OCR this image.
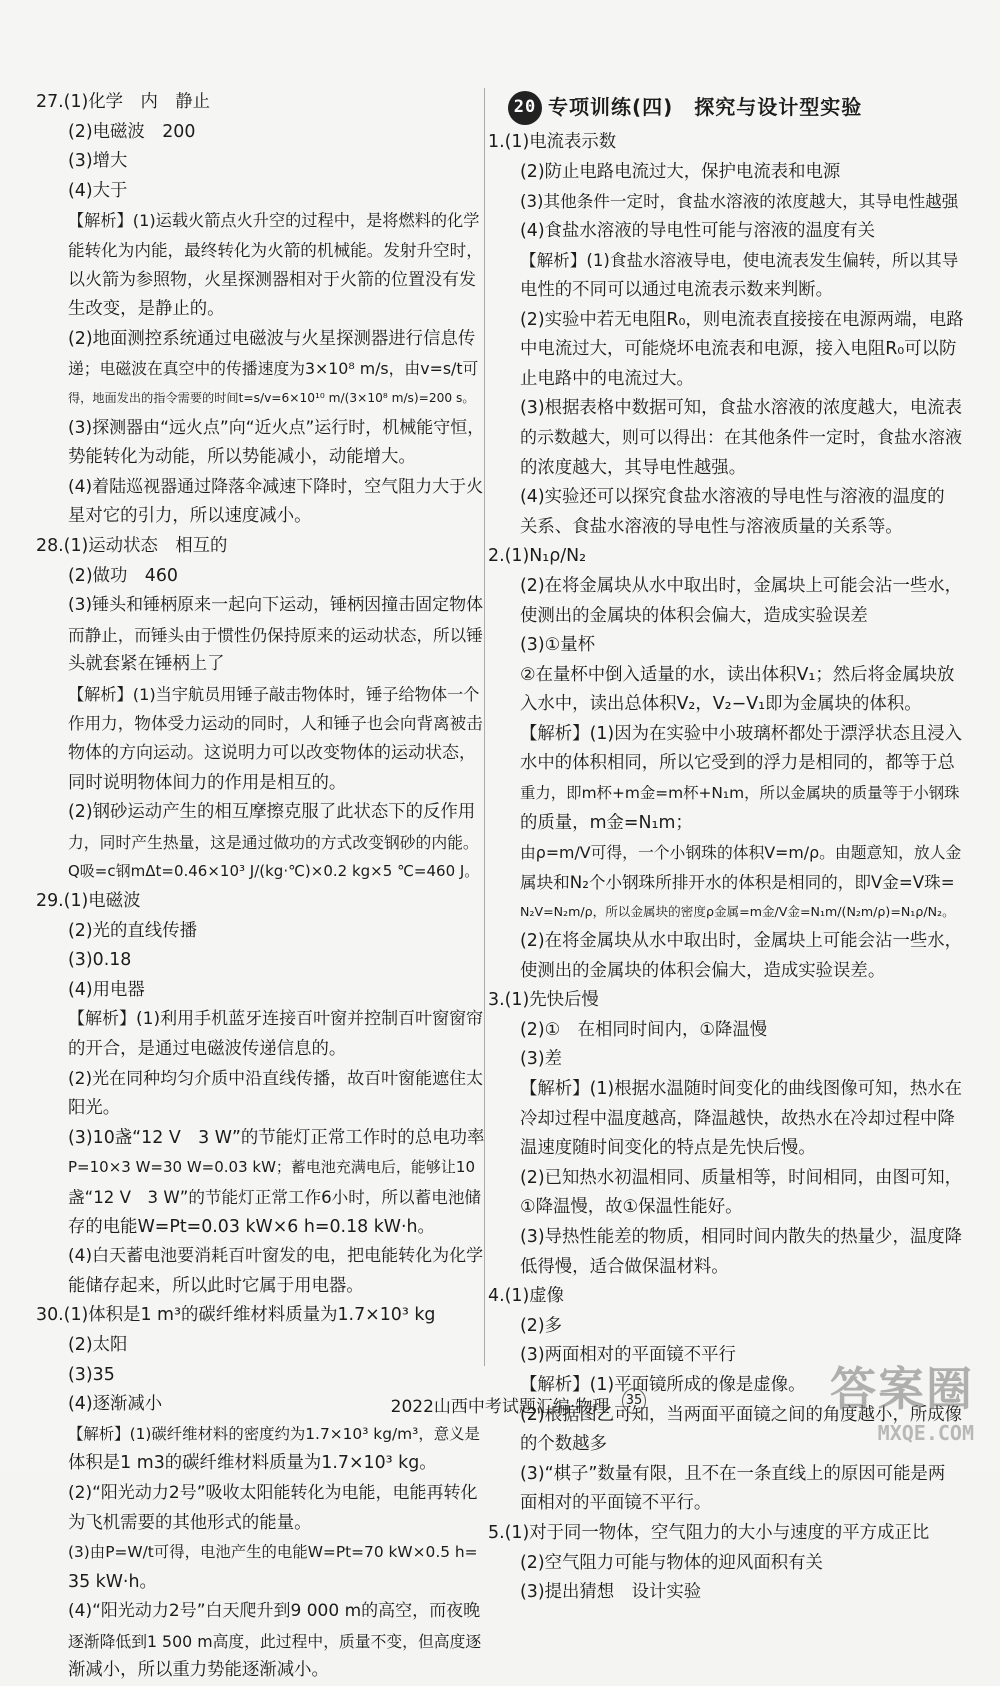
27.(1)化学　内　静止
(2)电磁波　200
(3)增大
(4)大于
【解析】(1)运载火箭点火升空的过程中，是将燃料的化学
能转化为内能，最终转化为火箭的机械能。发射升空时，
以火箭为参照物，火星探测器相对于火箭的位置没有发
生改变，是静止的。
(2)地面测控系统通过电磁波与火星探测器进行信息传
递；电磁波在真空中的传播速度为3×10⁸ m/s，由v=s/t可
得，地面发出的指令需要的时间t=s/v=6×10¹⁰ m/(3×10⁸ m/s)=200 s。
(3)探测器由“远火点”向“近火点”运行时，机械能守恒，
势能转化为动能，所以势能减小，动能增大。
(4)着陆巡视器通过降落伞减速下降时，空气阻力大于火
星对它的引力，所以速度减小。
28.(1)运动状态　相互的
(2)做功　460
(3)锤头和锤柄原来一起向下运动，锤柄因撞击固定物体
而静止，而锤头由于惯性仍保持原来的运动状态，所以锤
头就套紧在锤柄上了
【解析】(1)当宇航员用锤子敲击物体时，锤子给物体一个
作用力，物体受力运动的同时，人和锤子也会向背离被击
物体的方向运动。这说明力可以改变物体的运动状态，
同时说明物体间力的作用是相互的。
(2)钢砂运动产生的相互摩擦克服了此状态下的反作用
力，同时产生热量，这是通过做功的方式改变钢砂的内能。
Q吸=c钢mΔt=0.46×10³ J/(kg·℃)×0.2 kg×5 ℃=460 J。
29.(1)电磁波
(2)光的直线传播
(3)0.18
(4)用电器
【解析】(1)利用手机蓝牙连接百叶窗并控制百叶窗窗帘
的开合，是通过电磁波传递信息的。
(2)光在同种均匀介质中沿直线传播，故百叶窗能遮住太
阳光。
(3)10盏“12 V　3 W”的节能灯正常工作时的总电功率
P=10×3 W=30 W=0.03 kW；蓄电池充满电后，能够让10
盏“12 V　3 W”的节能灯正常工作6小时，所以蓄电池储
存的电能W=Pt=0.03 kW×6 h=0.18 kW·h。
(4)白天蓄电池要消耗百叶窗发的电，把电能转化为化学
能储存起来，所以此时它属于用电器。
30.(1)体积是1 m³的碳纤维材料质量为1.7×10³ kg
(2)太阳
(3)35
(4)逐渐减小
【解析】(1)碳纤维材料的密度约为1.7×10³ kg/m³，意义是
体积是1 m3的碳纤维材料质量为1.7×10³ kg。
(2)“阳光动力2号”吸收太阳能转化为电能，电能再转化
为飞机需要的其他形式的能量。
(3)由P=W/t可得，电池产生的电能W=Pt=70 kW×0.5 h=
35 kW·h。
(4)“阳光动力2号”白天爬升到9 000 m的高空，而夜晚
逐渐降低到1 500 m高度，此过程中，质量不变，但高度逐
渐减小，所以重力势能逐渐减小。
20 专项训练(四)　探究与设计型实验
1.(1)电流表示数
(2)防止电路电流过大，保护电流表和电源
(3)其他条件一定时，食盐水溶液的浓度越大，其导电性越强
(4)食盐水溶液的导电性可能与溶液的温度有关
【解析】(1)食盐水溶液导电，使电流表发生偏转，所以其导
电性的不同可以通过电流表示数来判断。
(2)实验中若无电阻R₀，则电流表直接接在电源两端，电路
中电流过大，可能烧坏电流表和电源，接入电阻R₀可以防
止电路中的电流过大。
(3)根据表格中数据可知，食盐水溶液的浓度越大，电流表
的示数越大，则可以得出：在其他条件一定时，食盐水溶液
的浓度越大，其导电性越强。
(4)实验还可以探究食盐水溶液的导电性与溶液的温度的
关系、食盐水溶液的导电性与溶液质量的关系等。
2.(1)N₁ρ/N₂
(2)在将金属块从水中取出时，金属块上可能会沾一些水，
使测出的金属块的体积会偏大，造成实验误差
(3)①量杯
②在量杯中倒入适量的水，读出体积V₁；然后将金属块放
入水中，读出总体积V₂，V₂−V₁即为金属块的体积。
【解析】(1)因为在实验中小玻璃杯都处于漂浮状态且浸入
水中的体积相同，所以它受到的浮力是相同的，都等于总
重力，即m杯+m金=m杯+N₁m，所以金属块的质量等于小钢珠
的质量，m金=N₁m；
由ρ=m/V可得，一个小钢珠的体积V=m/ρ。由题意知，放人金
属块和N₂个小钢珠所排开水的体积是相同的，即V金=V珠=
N₂V=N₂m/ρ，所以金属块的密度ρ金属=m金/V金=N₁m/(N₂m/ρ)=N₁ρ/N₂。
(2)在将金属块从水中取出时，金属块上可能会沾一些水，
使测出的金属块的体积会偏大，造成实验误差。
3.(1)先快后慢
(2)①　在相同时间内，①降温慢
(3)差
【解析】(1)根据水温随时间变化的曲线图像可知，热水在
冷却过程中温度越高，降温越快，故热水在冷却过程中降
温速度随时间变化的特点是先快后慢。
(2)已知热水初温相同、质量相等，时间相同，由图可知，
①降温慢，故①保温性能好。
(3)导热性能差的物质，相同时间内散失的热量少，温度降
低得慢，适合做保温材料。
4.(1)虚像
(2)多
(3)两面相对的平面镜不平行
【解析】(1)平面镜所成的像是虚像。
(2)根据图乙可知，当两面平面镜之间的角度越小，所成像
的个数越多
(3)“棋子”数量有限，且不在一条直线上的原因可能是两
面相对的平面镜不平行。
5.(1)对于同一物体，空气阻力的大小与速度的平方成正比
(2)空气阻力可能与物体的迎风面积有关
(3)提出猜想　设计实验
2022山西中考试题汇编·物理	35	答案圈
MXQE.COM
